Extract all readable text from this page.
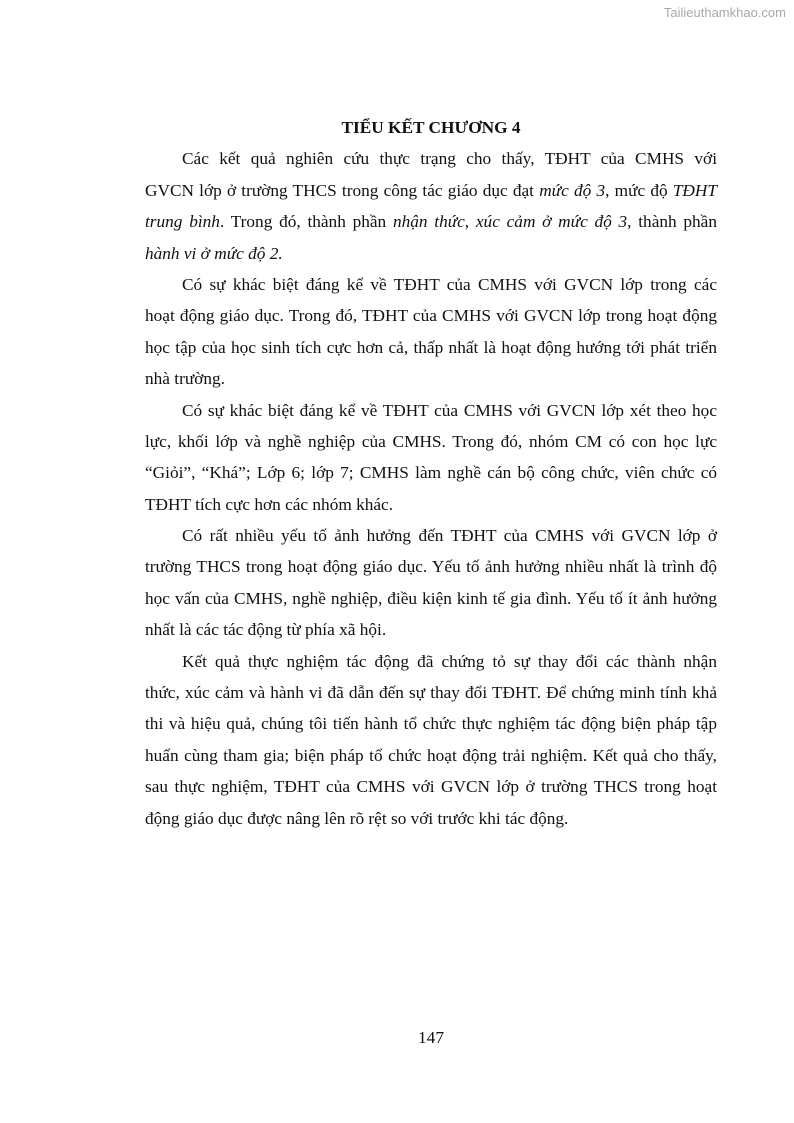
Tailieuthamkhao.com
TIỂU KẾT CHƯƠNG 4
Các kết quả nghiên cứu thực trạng cho thấy, TĐHT của CMHS với
GVCN lớp ở trường THCS trong công tác giáo dục đạt mức độ 3, mức độ TĐHT
trung bình. Trong đó, thành phần nhận thức, xúc cảm ở mức độ 3, thành phần
hành vi ở mức độ 2.
Có sự khác biệt đáng kể về TĐHT của CMHS với GVCN lớp trong các
hoạt động giáo dục. Trong đó, TĐHT của CMHS với GVCN lớp trong hoạt động
học tập của học sinh tích cực hơn cả, thấp nhất là hoạt động hướng tới phát triển
nhà trường.
Có sự khác biệt đáng kể về TĐHT của CMHS với GVCN lớp xét theo học
lực, khối lớp và nghề nghiệp của CMHS. Trong đó, nhóm CM có con học lực
“Giỏi”, “Khá”; Lớp 6; lớp 7; CMHS làm nghề cán bộ công chức, viên chức có
TĐHT tích cực hơn các nhóm khác.
Có rất nhiều yếu tố ảnh hưởng đến TĐHT của CMHS với GVCN lớp ở
trường THCS trong hoạt động giáo dục. Yếu tố ảnh hưởng nhiều nhất là trình độ
học vấn của CMHS, nghề nghiệp, điều kiện kinh tế gia đình. Yếu tố ít ảnh hưởng
nhất là các tác động từ phía xã hội.
Kết quả thực nghiệm tác động đã chứng tỏ sự thay đổi các thành nhận
thức, xúc cảm và hành vi đã dẫn đến sự thay đổi TĐHT. Để chứng minh tính khả
thi và hiệu quả, chúng tôi tiến hành tổ chức thực nghiệm tác động biện pháp tập
huấn cùng tham gia; biện pháp tổ chức hoạt động trải nghiệm. Kết quả cho thấy,
sau thực nghiệm, TĐHT của CMHS với GVCN lớp ở trường THCS trong hoạt
động giáo dục được nâng lên rõ rệt so với trước khi tác động.
147
